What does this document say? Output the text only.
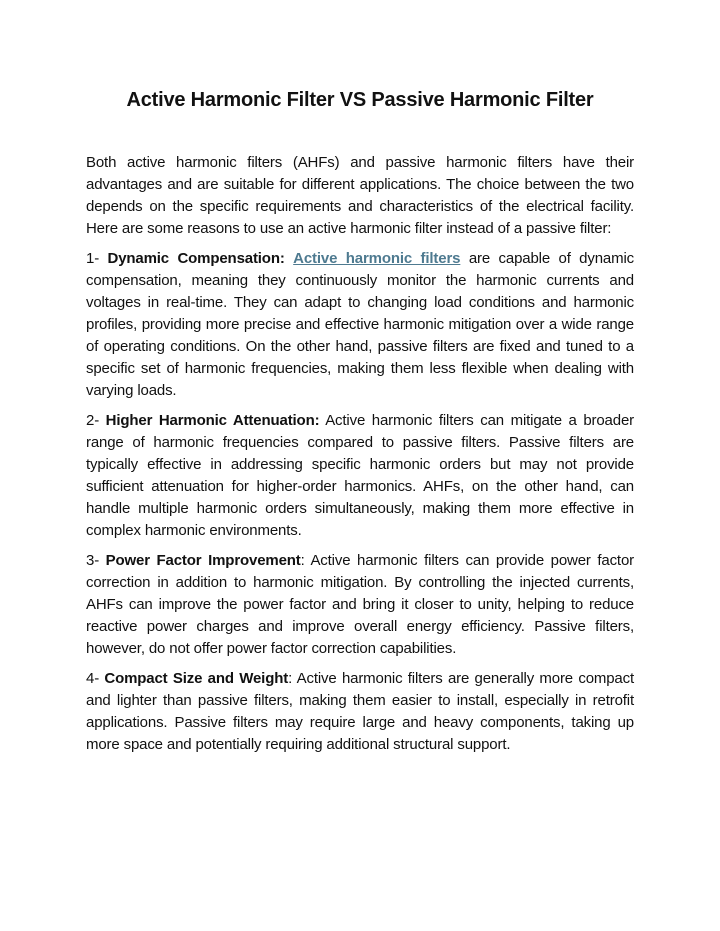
Active Harmonic Filter VS Passive Harmonic Filter

Both active harmonic filters (AHFs) and passive harmonic filters have their advantages and are suitable for different applications. The choice between the two depends on the specific requirements and characteristics of the electrical facility. Here are some reasons to use an active harmonic filter instead of a passive filter:

1- Dynamic Compensation: Active harmonic filters are capable of dynamic compensation, meaning they continuously monitor the harmonic currents and voltages in real-time. They can adapt to changing load conditions and harmonic profiles, providing more precise and effective harmonic mitigation over a wide range of operating conditions. On the other hand, passive filters are fixed and tuned to a specific set of harmonic frequencies, making them less flexible when dealing with varying loads.

2- Higher Harmonic Attenuation: Active harmonic filters can mitigate a broader range of harmonic frequencies compared to passive filters. Passive filters are typically effective in addressing specific harmonic orders but may not provide sufficient attenuation for higher-order harmonics. AHFs, on the other hand, can handle multiple harmonic orders simultaneously, making them more effective in complex harmonic environments.

3- Power Factor Improvement: Active harmonic filters can provide power factor correction in addition to harmonic mitigation. By controlling the injected currents, AHFs can improve the power factor and bring it closer to unity, helping to reduce reactive power charges and improve overall energy efficiency. Passive filters, however, do not offer power factor correction capabilities.

4- Compact Size and Weight: Active harmonic filters are generally more compact and lighter than passive filters, making them easier to install, especially in retrofit applications. Passive filters may require large and heavy components, taking up more space and potentially requiring additional structural support.
